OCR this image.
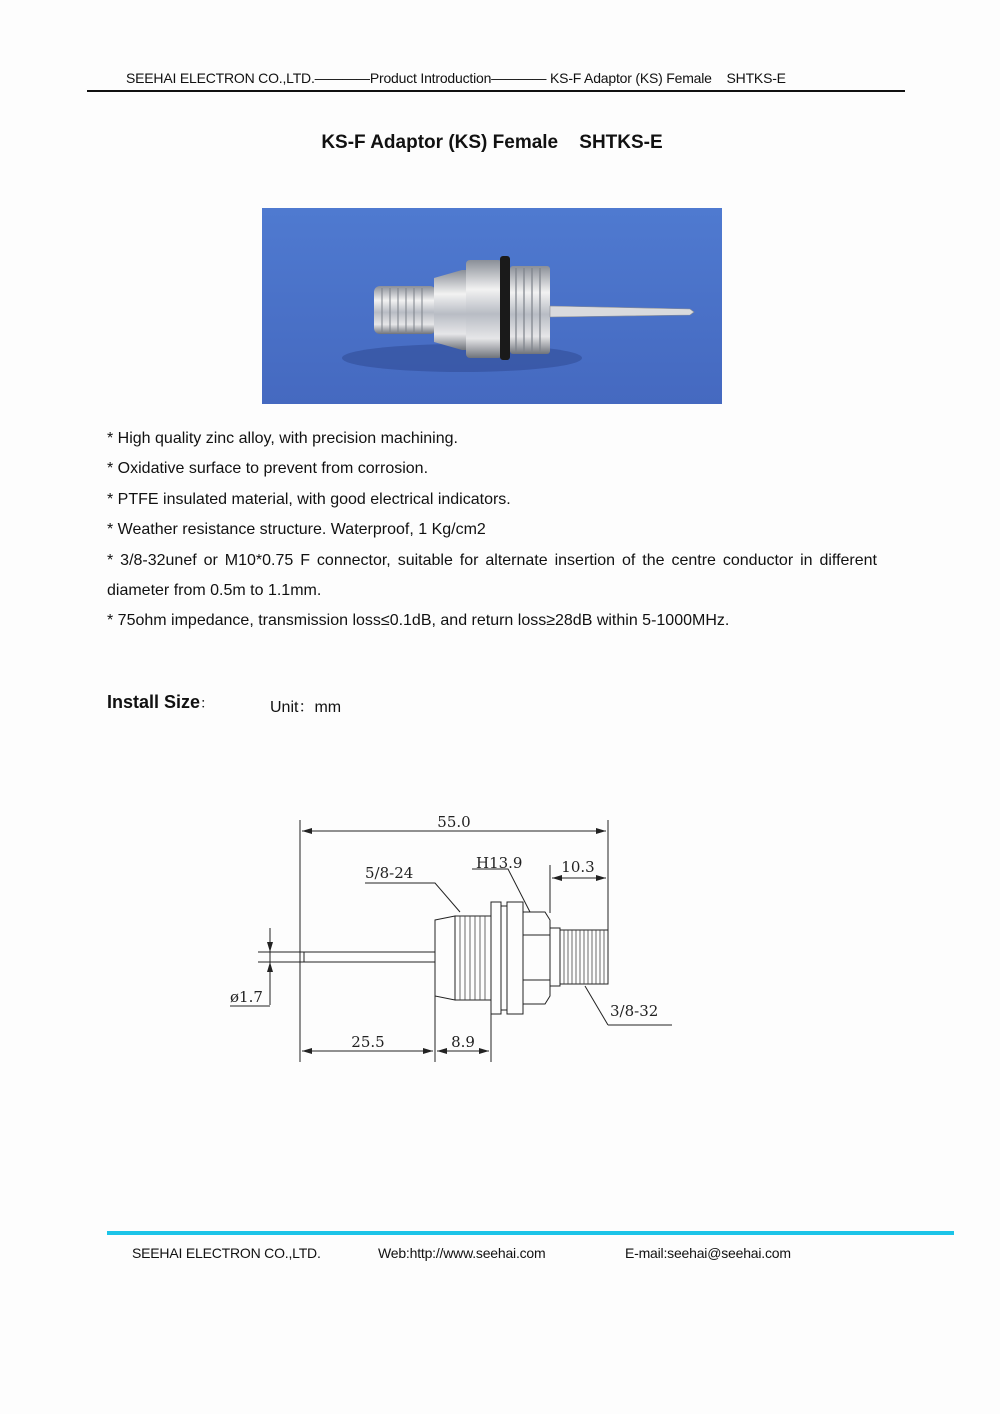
SEEHAI ELECTRON CO.,LTD.————Product Introduction———— KS-F Adaptor (KS) Female SHTKS-E
KS-F Adaptor (KS) Female SHTKS-E

* High quality zinc alloy, with precision machining.

* Oxidative surface to prevent from corrosion.

* PTFE insulated material, with good electrical indicators.

* Weather resistance structure. Waterproof, 1 Kg/cm2

* 3/8-32unef or M10*0.75 F connector, suitable for alternate insertion of the centre conductor in different diameter from 0.5m to 1.1mm.

* 75ohm impedance, transmission loss≤0.1dB, and return loss≥28dB within 5-1000MHz.

Install Size：	Unit：mm
55.0
5/8-24
H13.9	10.3
ø1.7
25.5	8.9
3/8-32
SEEHAI ELECTRON CO.,LTD.	Web:http://www.seehai.com	E-mail:seehai@seehai.com
